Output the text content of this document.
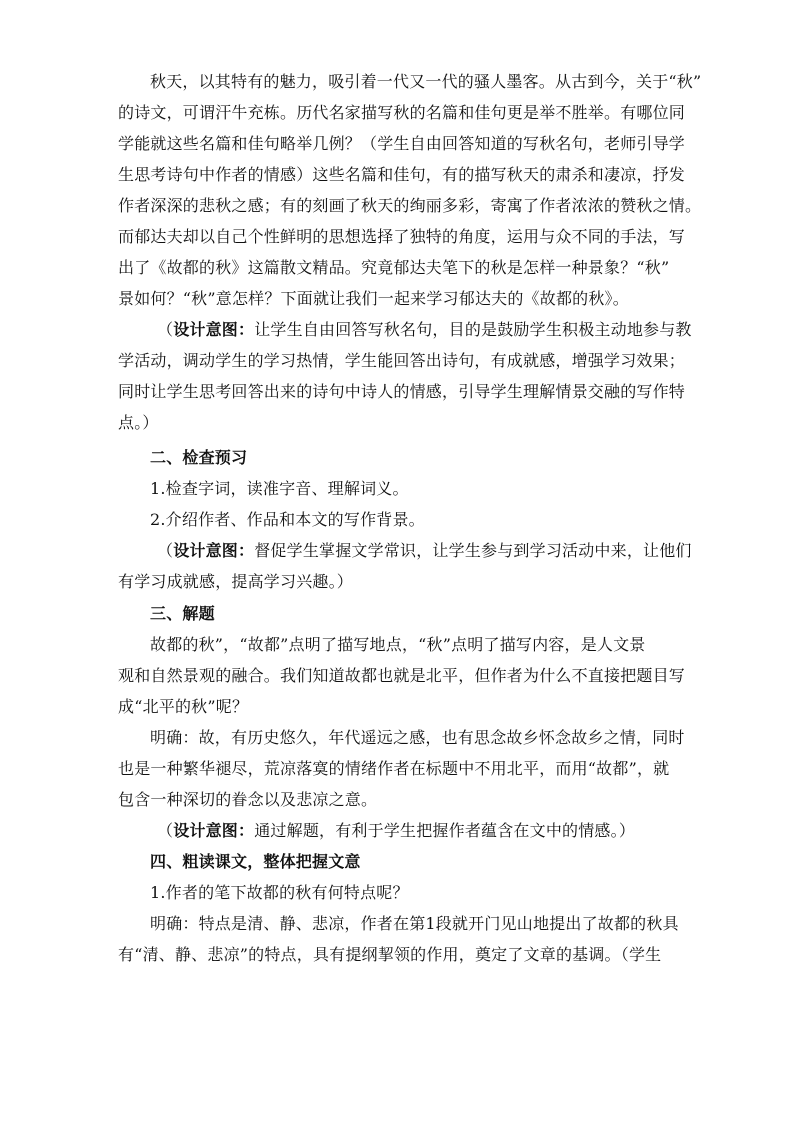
秋天，以其特有的魅力，吸引着一代又一代的骚人墨客。从古到今，关于“秋”
的诗文，可谓汗牛充栋。历代名家描写秋的名篇和佳句更是举不胜举。有哪位同
学能就这些名篇和佳句略举几例？（学生自由回答知道的写秋名句，老师引导学
生思考诗句中作者的情感）这些名篇和佳句，有的描写秋天的肃杀和凄凉，抒发
作者深深的悲秋之感；有的刻画了秋天的绚丽多彩，寄寓了作者浓浓的赞秋之情。
而郁达夫却以自己个性鲜明的思想选择了独特的角度，运用与众不同的手法，写
出了《故都的秋》这篇散文精品。究竟郁达夫笔下的秋是怎样一种景象？“秋”
景如何？“秋”意怎样？下面就让我们一起来学习郁达夫的《故都的秋》。
（设计意图：让学生自由回答写秋名句，目的是鼓励学生积极主动地参与教
学活动，调动学生的学习热情，学生能回答出诗句，有成就感，增强学习效果；
同时让学生思考回答出来的诗句中诗人的情感，引导学生理解情景交融的写作特
点。）
二、检查预习
1.检查字词，读准字音、理解词义。
2.介绍作者、作品和本文的写作背景。
（设计意图：督促学生掌握文学常识，让学生参与到学习活动中来，让他们
有学习成就感，提高学习兴趣。）
三、解题
故都的秋”，“故都”点明了描写地点，“秋”点明了描写内容，是人文景
观和自然景观的融合。我们知道故都也就是北平，但作者为什么不直接把题目写
成“北平的秋”呢？
明确：故，有历史悠久，年代遥远之感，也有思念故乡怀念故乡之情，同时
也是一种繁华褪尽，荒凉落寞的情绪作者在标题中不用北平，而用“故都”，就
包含一种深切的眷念以及悲凉之意。
（设计意图：通过解题，有利于学生把握作者蕴含在文中的情感。）
四、粗读课文，整体把握文意
1.作者的笔下故都的秋有何特点呢？
明确：特点是清、静、悲凉，作者在第1段就开门见山地提出了故都的秋具
有“清、静、悲凉”的特点，具有提纲挈领的作用，奠定了文章的基调。（学生
